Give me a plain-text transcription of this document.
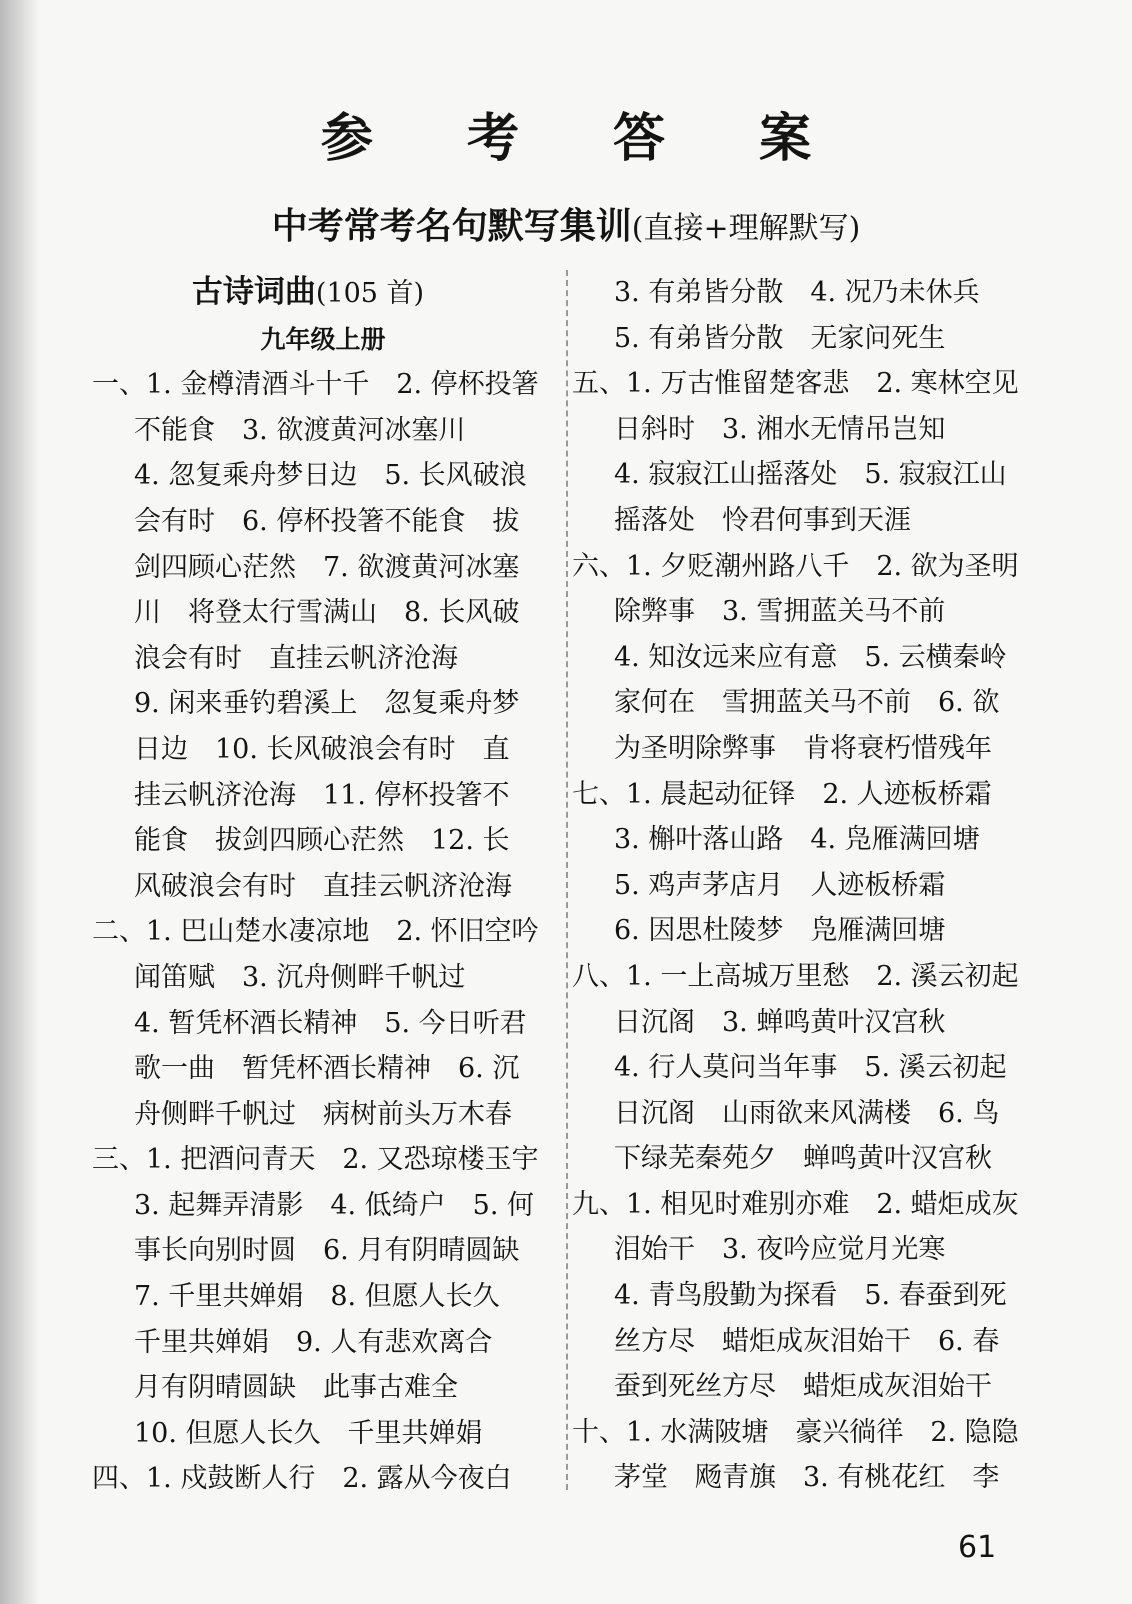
参 考 答 案
中考常考名句默写集训(直接+理解默写)
古诗词曲(105 首)
九年级上册
一、1. 金樽清酒斗十千　2. 停杯投箸
不能食　3. 欲渡黄河冰塞川
4. 忽复乘舟梦日边　5. 长风破浪
会有时　6. 停杯投箸不能食　拔
剑四顾心茫然　7. 欲渡黄河冰塞
川　将登太行雪满山　8. 长风破
浪会有时　直挂云帆济沧海
9. 闲来垂钓碧溪上　忽复乘舟梦
日边　10. 长风破浪会有时　直
挂云帆济沧海　11. 停杯投箸不
能食　拔剑四顾心茫然　12. 长
风破浪会有时　直挂云帆济沧海
二、1. 巴山楚水凄凉地　2. 怀旧空吟
闻笛赋　3. 沉舟侧畔千帆过
4. 暂凭杯酒长精神　5. 今日听君
歌一曲　暂凭杯酒长精神　6. 沉
舟侧畔千帆过　病树前头万木春
三、1. 把酒问青天　2. 又恐琼楼玉宇
3. 起舞弄清影　4. 低绮户　5. 何
事长向别时圆　6. 月有阴晴圆缺
7. 千里共婵娟　8. 但愿人长久
千里共婵娟　9. 人有悲欢离合
月有阴晴圆缺　此事古难全
10. 但愿人长久　千里共婵娟
四、1. 戍鼓断人行　2. 露从今夜白
3. 有弟皆分散　4. 况乃未休兵
5. 有弟皆分散　无家问死生
五、1. 万古惟留楚客悲　2. 寒林空见
日斜时　3. 湘水无情吊岂知
4. 寂寂江山摇落处　5. 寂寂江山
摇落处　怜君何事到天涯
六、1. 夕贬潮州路八千　2. 欲为圣明
除弊事　3. 雪拥蓝关马不前
4. 知汝远来应有意　5. 云横秦岭
家何在　雪拥蓝关马不前　6. 欲
为圣明除弊事　肯将衰朽惜残年
七、1. 晨起动征铎　2. 人迹板桥霜
3. 槲叶落山路　4. 凫雁满回塘
5. 鸡声茅店月　人迹板桥霜
6. 因思杜陵梦　凫雁满回塘
八、1. 一上高城万里愁　2. 溪云初起
日沉阁　3. 蝉鸣黄叶汉宫秋
4. 行人莫问当年事　5. 溪云初起
日沉阁　山雨欲来风满楼　6. 鸟
下绿芜秦苑夕　蝉鸣黄叶汉宫秋
九、1. 相见时难别亦难　2. 蜡炬成灰
泪始干　3. 夜吟应觉月光寒
4. 青鸟殷勤为探看　5. 春蚕到死
丝方尽　蜡炬成灰泪始干　6. 春
蚕到死丝方尽　蜡炬成灰泪始干
十、1. 水满陂塘　豪兴徜徉　2. 隐隐
茅堂　飏青旗　3. 有桃花红　李
61
